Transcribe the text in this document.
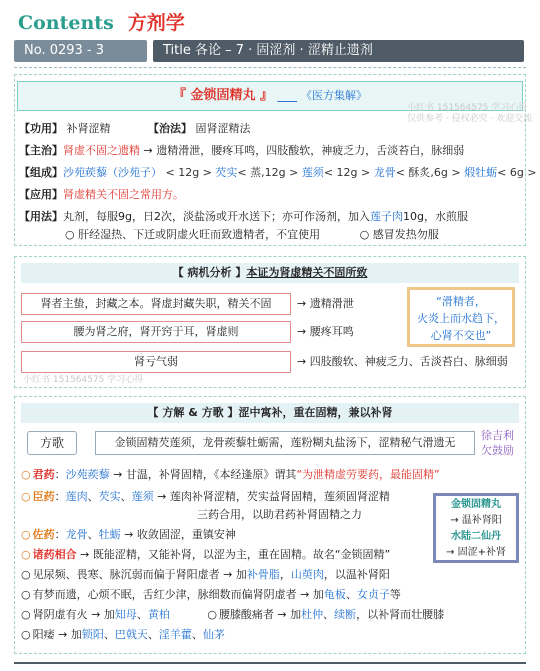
Contents 方剂学
No. 0293 - 3	Title 各论 – 7 · 固涩剂 · 涩精止遗剂
『 金锁固精丸 』 ___ 《医方集解》
【功用】 补肾涩精	【治法】 固肾涩精法
【主治】肾虚不固之遗精 → 遗精滑泄，腰疼耳鸣，四肢酸软，神疲乏力，舌淡苔白，脉细弱
【组成】沙苑蒺藜（沙苑子） < 12g > 芡实< 蒸,12g > 莲须< 12g > 龙骨< 酥炙,6g > 煅牡蛎< 6g >
【应用】肾虚精关不固之常用方。
【用法】丸剂，每服9g，日2次，淡盐汤或开水送下；亦可作汤剂，加入莲子肉10g，水煎服
○ 肝经湿热、下迁或阴虚火旺而致遗精者，不宜使用	○ 感冒发热勿服
小红书 151564575 学习心得
仅供参考 · 侵权必究 · 欢迎交流
【 病机分析 】本证为肾虚精关不固所致
肾者主蛰，封藏之本。肾虚封藏失职，精关不固	→ 遗精滑泄
腰为肾之府，肾开窍于耳，肾虚则	→ 腰疼耳鸣
肾亏气弱	→ 四肢酸软、神疲乏力、舌淡苔白、脉细弱
“滑精者，
火炎上而水趋下，
心肾不交也”
小红书 151564575 学习心得
【 方解 & 方歌 】涩中寓补，重在固精，兼以补肾
方歌	金锁固精芡莲须，龙骨蒺藜牡蛎需，莲粉糊丸盐汤下，涩精秘气滑遗无
徐吉利
欠鼓励
○ 君药：沙苑蒺藜 → 甘温，补肾固精，《本经逢原》谓其“为泄精虚劳要药，最能固精”
○ 臣药：莲肉、芡实、莲须 → 莲肉补肾涩精，芡实益肾固精，莲须固肾涩精
三药合用，以助君药补肾固精之力
○ 佐药：龙骨、牡蛎 → 收敛固涩，重镇安神
○ 诸药相合 → 既能涩精，又能补肾，以涩为主，重在固精。故名“金锁固精”
○ 见尿频、畏寒、脉沉弱而偏于肾阳虚者 → 加补骨脂，山萸肉，以温补肾阳
○ 有梦而遗，心烦不眠，舌红少津，脉细数而偏肾阴虚者 → 加龟板、女贞子等
○ 肾阴虚有火 → 加知母、黄柏	○ 腰膝酸痛者 → 加杜仲、续断，以补肾而壮腰膝
○ 阳痿 → 加锁阳、巴戟天、淫羊藿、仙茅
金锁固精丸
→ 温补肾阳
水陆二仙丹
→ 固涩+补肾
